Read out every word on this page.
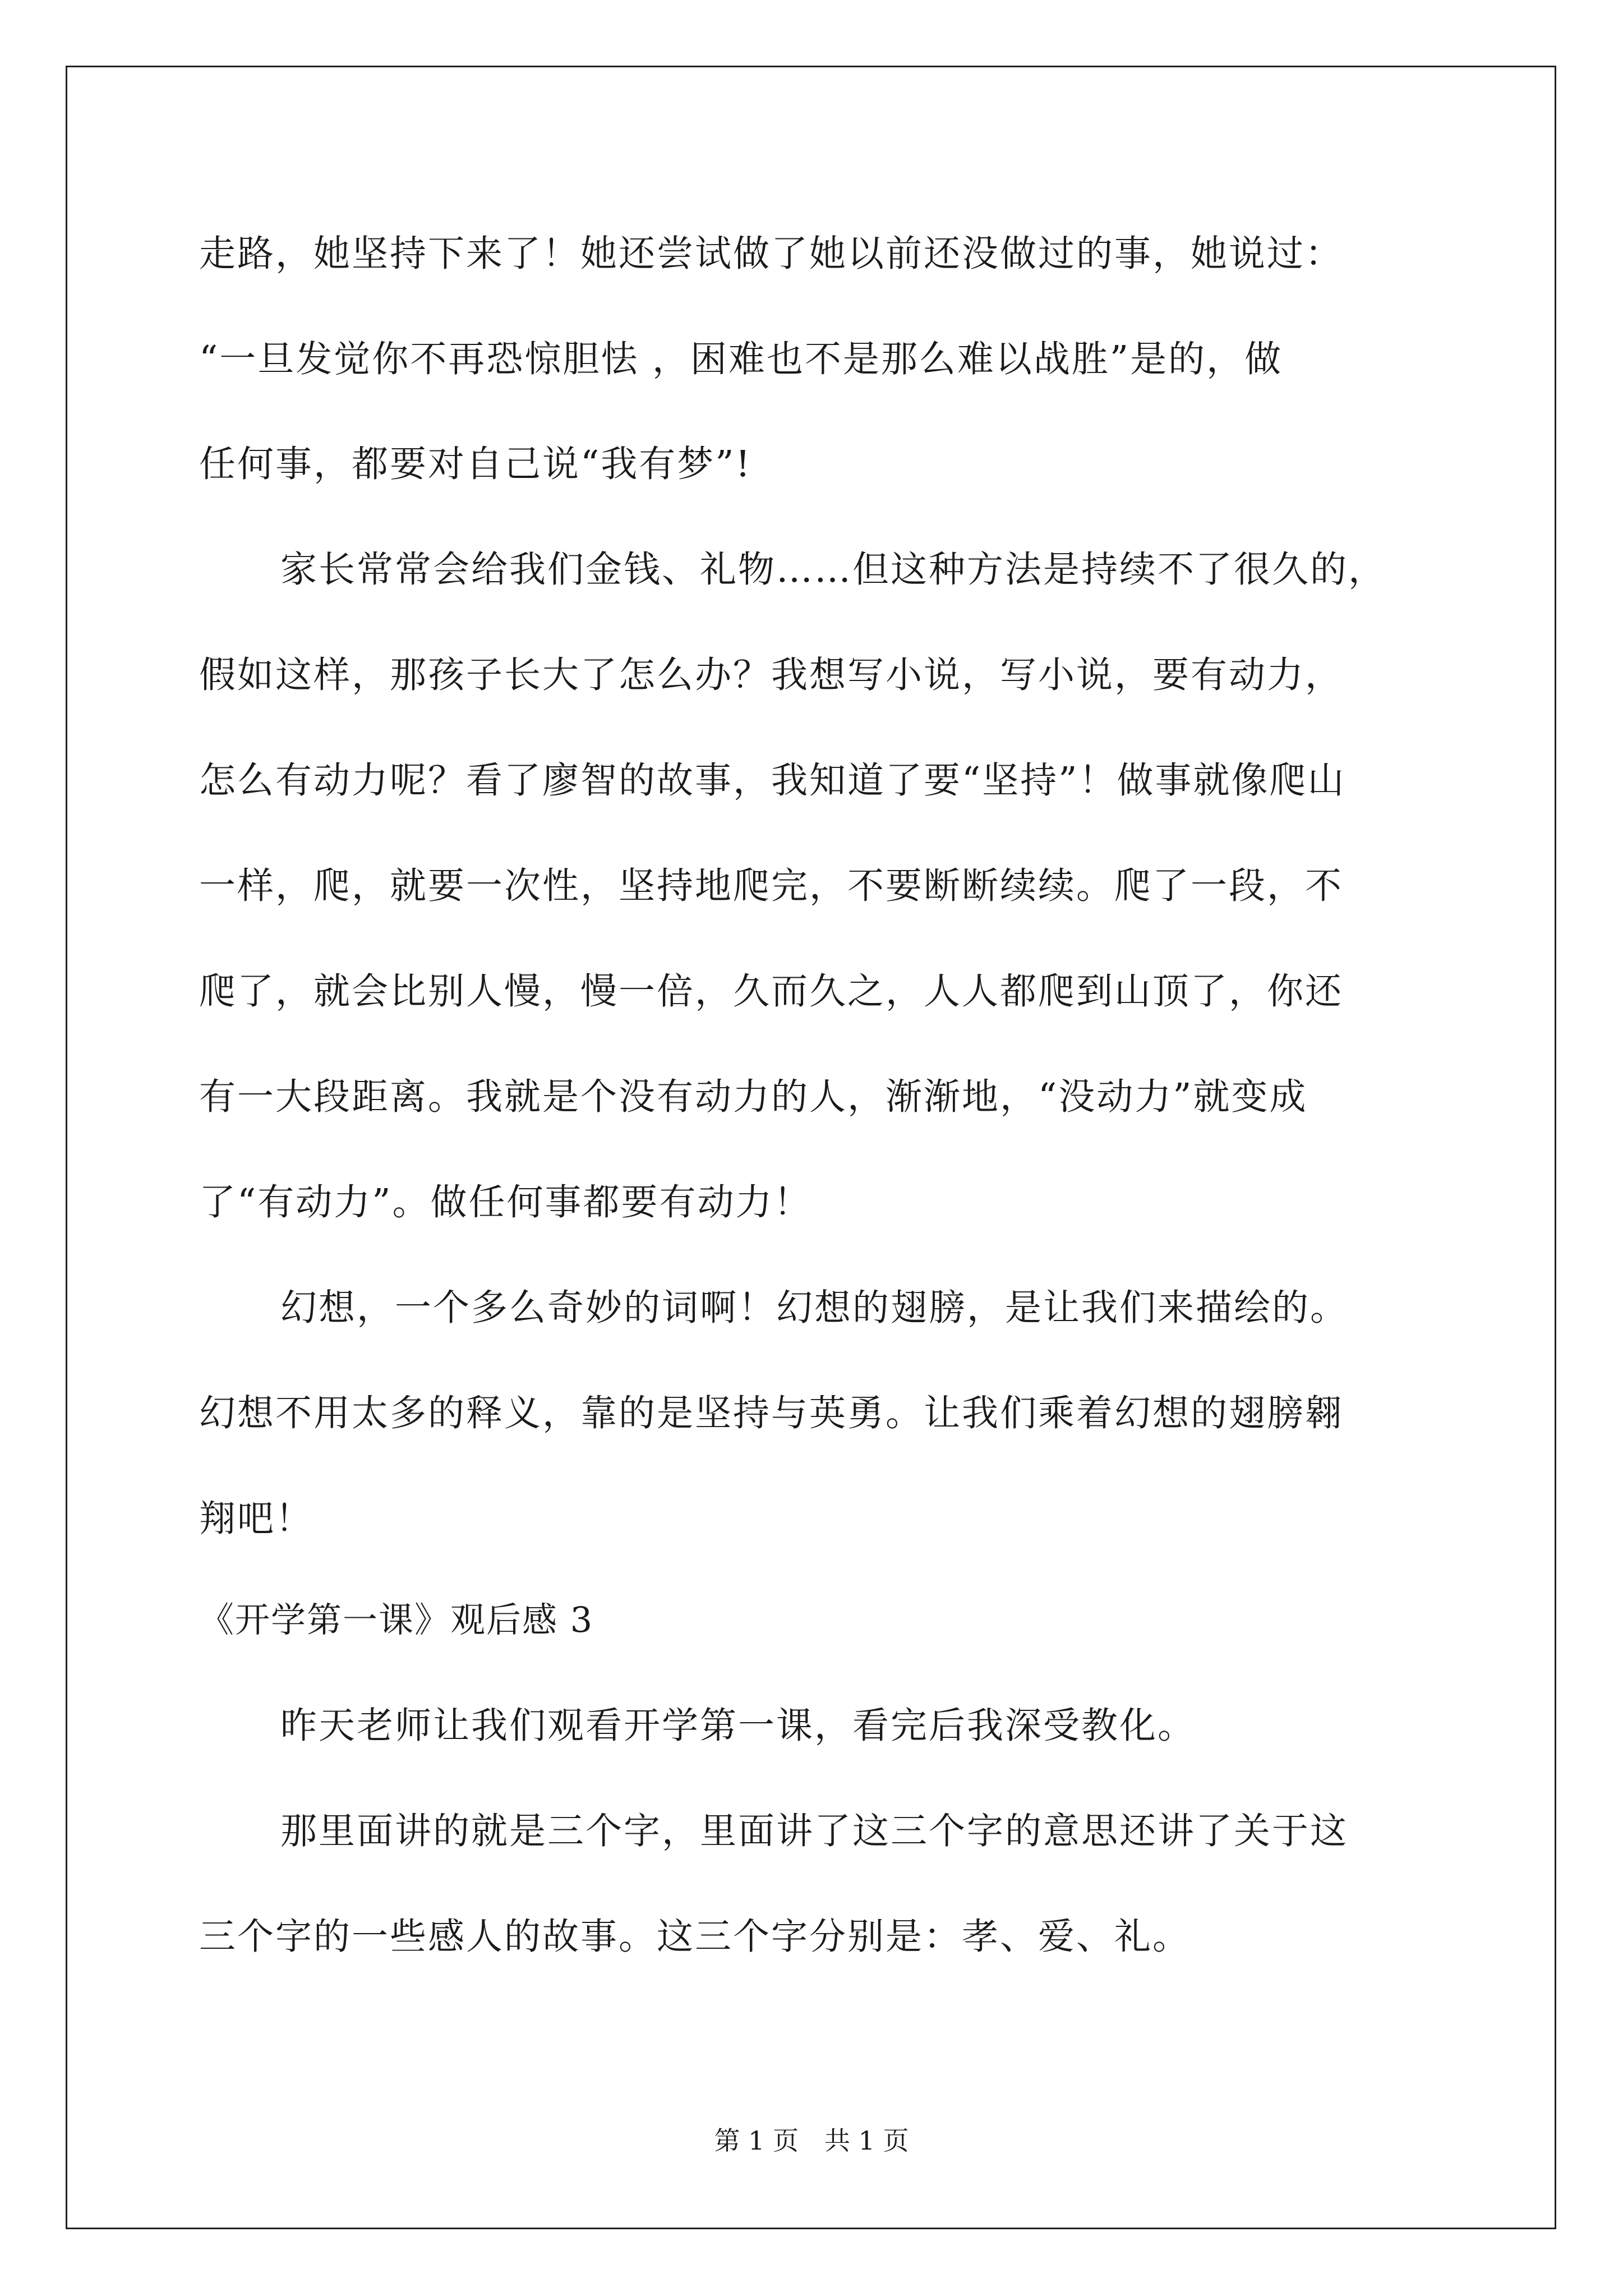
走路，她坚持下来了！她还尝试做了她以前还没做过的事，她说过：
“一旦发觉你不再恐惊胆怯 ，困难也不是那么难以战胜”是的，做
任何事，都要对自己说“我有梦”!
家长常常会给我们金钱、礼物……但这种方法是持续不了很久的，
假如这样，那孩子长大了怎么办？我想写小说，写小说，要有动力，
怎么有动力呢？看了廖智的故事，我知道了要“坚持”！做事就像爬山
一样，爬，就要一次性，坚持地爬完，不要断断续续。爬了一段，不
爬了，就会比别人慢，慢一倍，久而久之，人人都爬到山顶了，你还
有一大段距离。我就是个没有动力的人，渐渐地，“没动力”就变成
了“有动力”。做任何事都要有动力！
幻想，一个多么奇妙的词啊！幻想的翅膀，是让我们来描绘的。
幻想不用太多的释义，靠的是坚持与英勇。让我们乘着幻想的翅膀翱
翔吧！
《开学第一课》观后感 3
昨天老师让我们观看开学第一课，看完后我深受教化。
那里面讲的就是三个字，里面讲了这三个字的意思还讲了关于这
三个字的一些感人的故事。这三个字分别是：孝、爱、礼。
第 1 页　共 1 页
